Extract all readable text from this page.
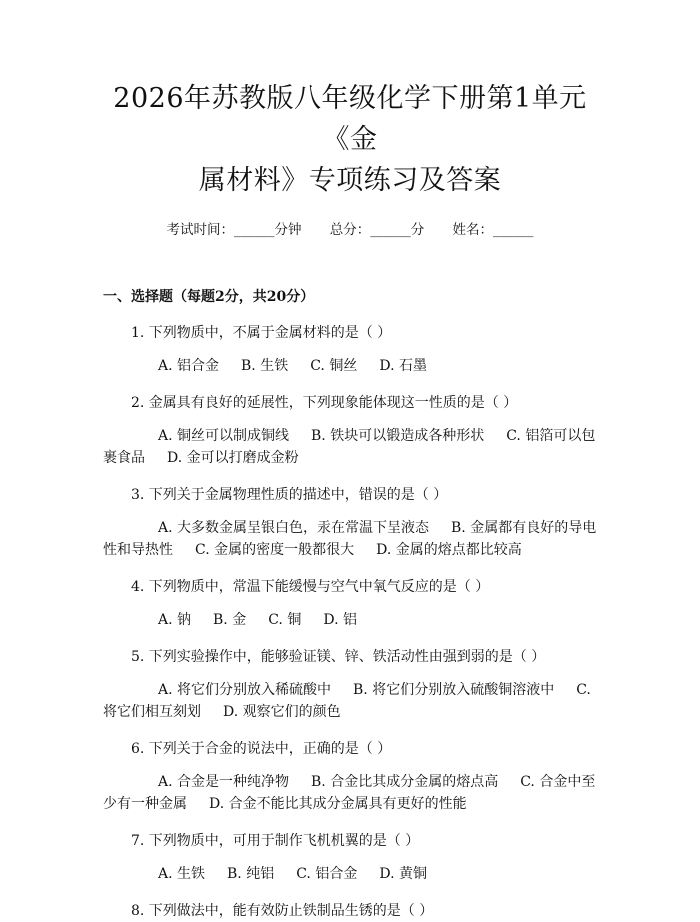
2026年苏教版八年级化学下册第1单元《金
属材料》专项练习及答案
考试时间：______分钟 总分：______分 姓名：______
一、选择题（每题2分，共20分）
1. 下列物质中，不属于金属材料的是（ ）
A. 铝合金 B. 生铁 C. 铜丝 D. 石墨
2. 金属具有良好的延展性，下列现象能体现这一性质的是（ ）
A. 铜丝可以制成铜线 B. 铁块可以锻造成各种形状 C. 铝箔可以包裹食品 D. 金可以打磨成金粉
3. 下列关于金属物理性质的描述中，错误的是（ ）
A. 大多数金属呈银白色，汞在常温下呈液态 B. 金属都有良好的导电性和导热性 C. 金属的密度一般都很大 D. 金属的熔点都比较高
4. 下列物质中，常温下能缓慢与空气中氧气反应的是（ ）
A. 钠 B. 金 C. 铜 D. 铝
5. 下列实验操作中，能够验证镁、锌、铁活动性由强到弱的是（ ）
A. 将它们分别放入稀硫酸中 B. 将它们分别放入硫酸铜溶液中 C. 将它们相互刻划 D. 观察它们的颜色
6. 下列关于合金的说法中，正确的是（ ）
A. 合金是一种纯净物 B. 合金比其成分金属的熔点高 C. 合金中至少有一种金属 D. 合金不能比其成分金属具有更好的性能
7. 下列物质中，可用于制作飞机机翼的是（ ）
A. 生铁 B. 纯铝 C. 铝合金 D. 黄铜
8. 下列做法中，能有效防止铁制品生锈的是（ ）
